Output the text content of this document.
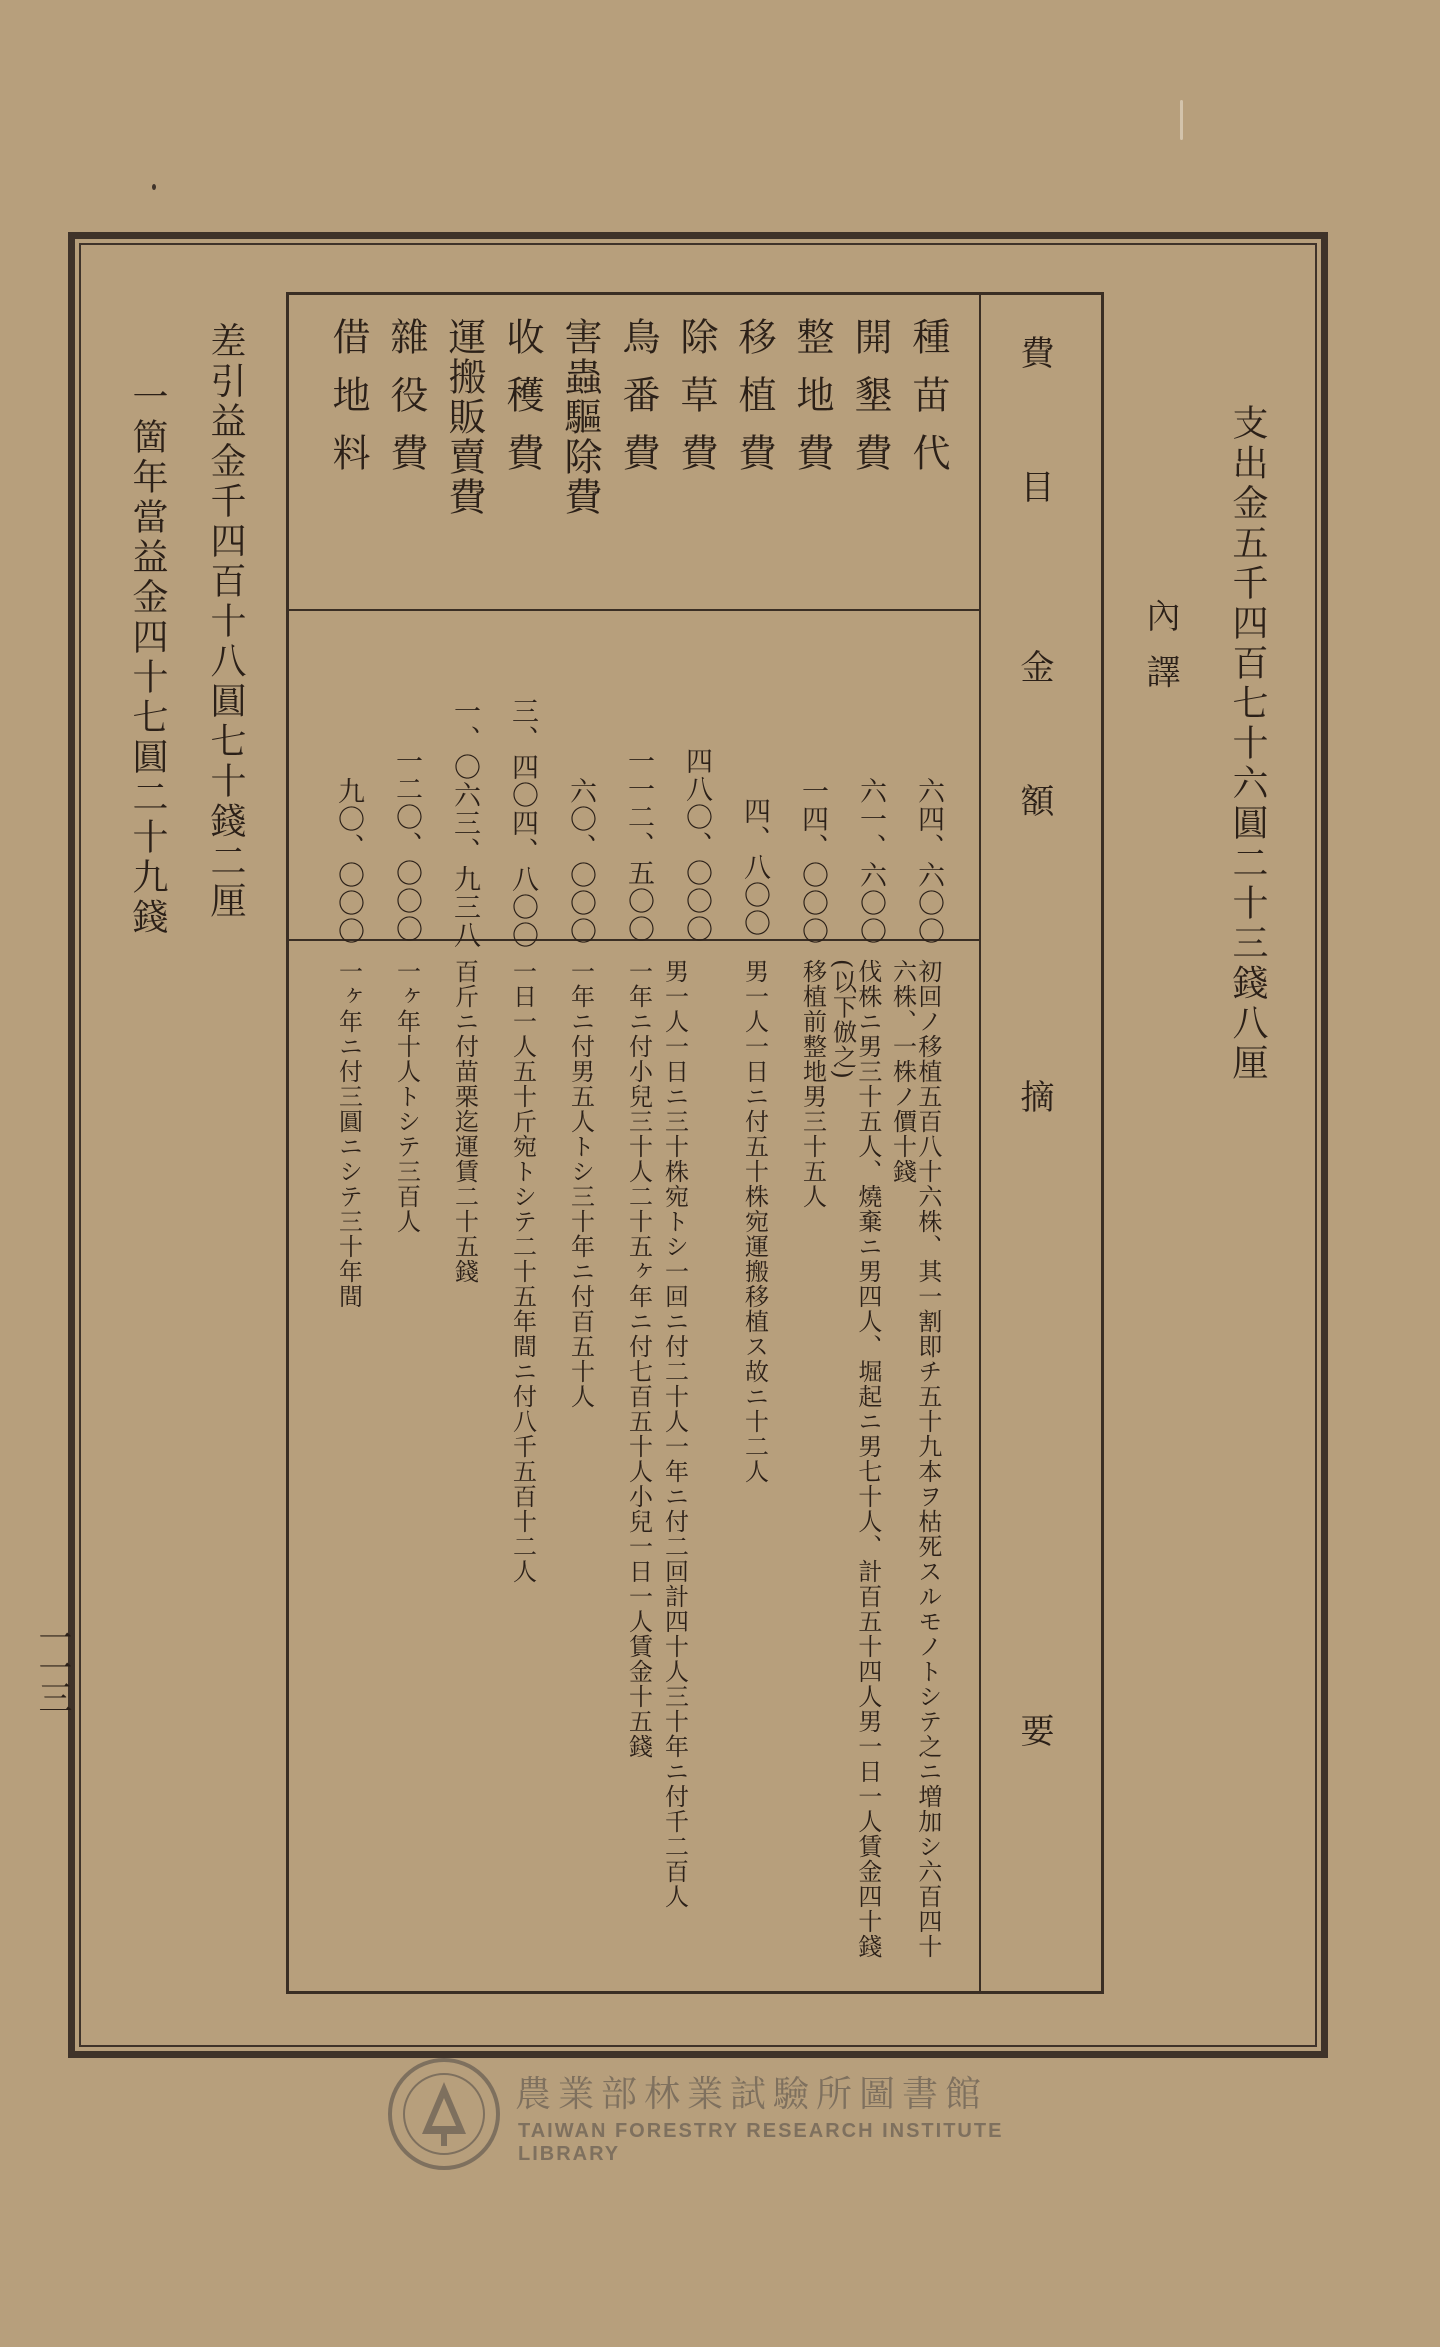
支出金五千四百七十六圓二十三錢八厘
內譯
費目
金額
摘要
種苗代
開墾費
整地費
移植費
除草費
鳥番費
害蟲驅除費
收穫費
運搬販賣費
雜役費
借地料
六四、六〇〇
六一、六〇〇
一四、〇〇〇
四、八〇〇
四八〇、〇〇〇
一一二、五〇〇
六〇、〇〇〇
三、四〇四、八〇〇
一、〇六三、九三八
一二〇、〇〇〇
九〇、〇〇〇
初回ノ移植五百八十六株、其一割即チ五十九本ヲ枯死スルモノトシテ之ニ増加シ六百四十六株、一株ノ價十錢
伐株ニ男三十五人、燒棄ニ男四人、堀起ニ男七十人、計百五十四人男一日一人賃金四十錢(以下倣之)
移植前整地男三十五人
男一人一日ニ付五十株宛運搬移植ス故ニ十二人
男一人一日ニ三十株宛トシ一回ニ付二十人一年ニ付二回計四十人三十年ニ付千二百人
一年ニ付小兒三十人二十五ヶ年ニ付七百五十人小兒一日一人賃金十五錢
一年ニ付男五人トシ三十年ニ付百五十人
一日一人五十斤宛トシテ二十五年間ニ付八千五百十二人
百斤ニ付苗栗迄運賃二十五錢
一ヶ年十人トシテ三百人
一ヶ年ニ付三圓ニシテ三十年間
差引益金千四百十八圓七十錢二厘
一箇年當益金四十七圓二十九錢
一一三
農業部林業試驗所圖書館
TAIWAN FORESTRY RESEARCH INSTITUTE LIBRARY
